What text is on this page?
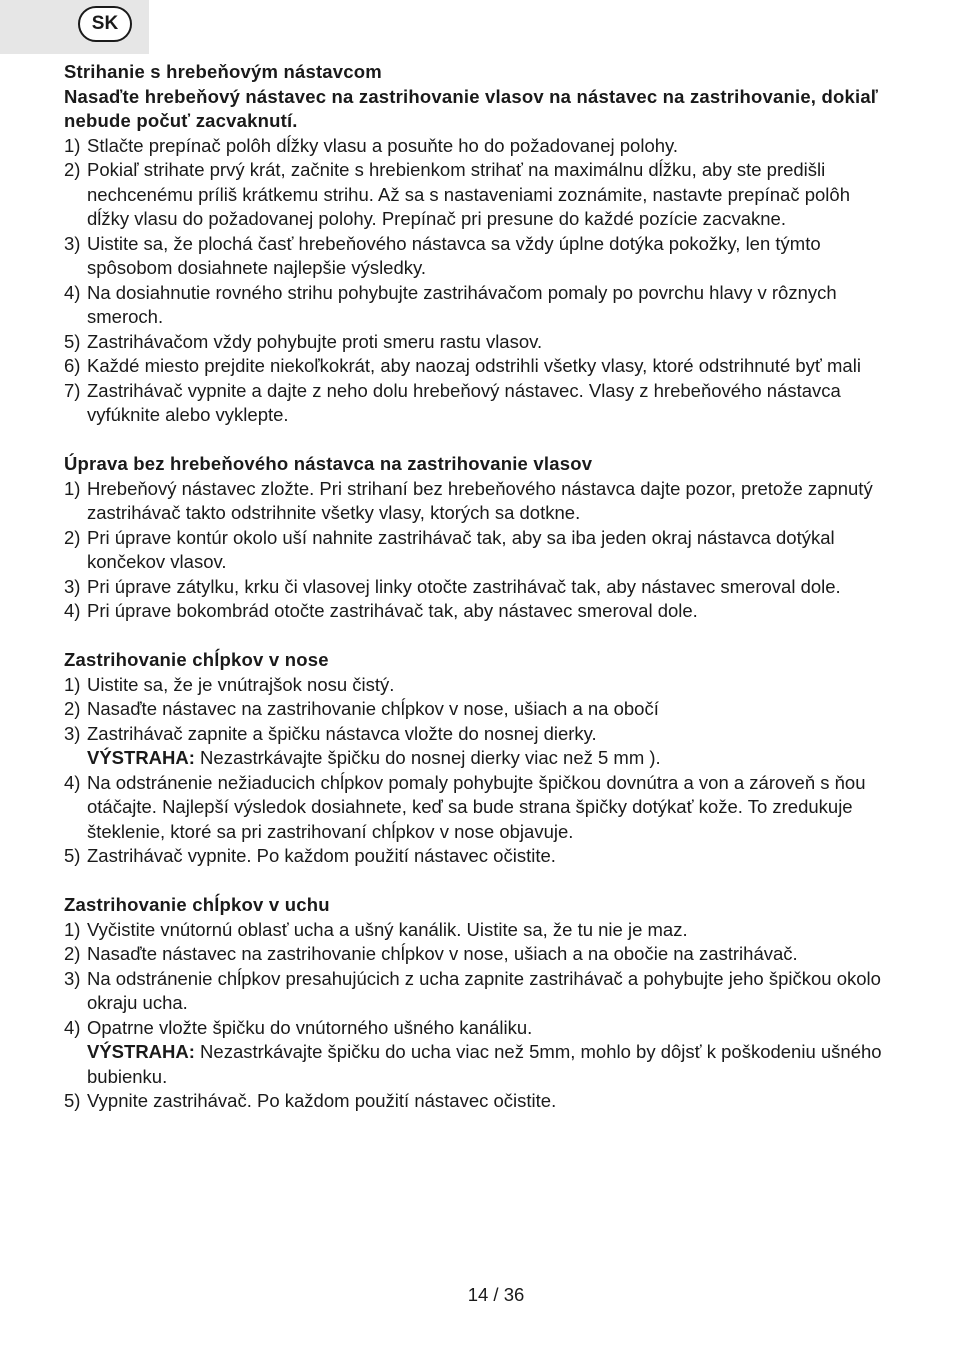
SK

Strihanie s hrebeňovým nástavcom

Nasaďte hrebeňový nástavec na zastrihovanie vlasov na nástavec na zastrihovanie, dokiaľ nebude počuť zacvaknutí.

1) Stlačte prepínač polôh dĺžky vlasu a posuňte ho do požadovanej polohy.
2) Pokiaľ strihate prvý krát, začnite s hrebienkom strihať na maximálnu dĺžku, aby ste predišli nechcenému príliš krátkemu strihu. Až sa s nastaveniami zoznámite, nastavte prepínač polôh dĺžky vlasu do požadovanej polohy. Prepínač pri presune do každé pozície zacvakne.
3) Uistite sa, že plochá časť hrebeňového nástavca sa vždy úplne dotýka pokožky, len týmto spôsobom dosiahnete najlepšie výsledky.
4) Na dosiahnutie rovného strihu pohybujte zastrihávačom pomaly po povrchu hlavy v rôznych smeroch.
5) Zastrihávačom vždy pohybujte proti smeru rastu vlasov.
6) Každé miesto prejdite niekoľkokrát, aby naozaj odstrihli všetky vlasy, ktoré odstrihnuté byť mali
7) Zastrihávač vypnite a dajte z neho dolu hrebeňový nástavec. Vlasy z hrebeňového nástavca vyfúknite alebo vyklepte.

Úprava bez hrebeňového nástavca na zastrihovanie vlasov

1) Hrebeňový nástavec zložte. Pri strihaní bez hrebeňového nástavca dajte pozor, pretože zapnutý zastrihávač takto odstrihnite všetky vlasy, ktorých sa dotkne.
2) Pri úprave kontúr okolo uší nahnite zastrihávač tak, aby sa iba jeden okraj nástavca dotýkal končekov vlasov.
3) Pri úprave zátylku, krku či vlasovej linky otočte zastrihávač tak, aby nástavec smeroval dole.
4) Pri úprave bokombrád otočte zastrihávač tak, aby nástavec smeroval dole.

Zastrihovanie chĺpkov v nose

1) Uistite sa, že je vnútrajšok nosu čistý.
2) Nasaďte nástavec na zastrihovanie chĺpkov v nose, ušiach a na obočí
3) Zastrihávač zapnite a špičku nástavca vložte do nosnej dierky.
VÝSTRAHA: Nezastrkávajte špičku do nosnej dierky viac než 5 mm ).
4) Na odstránenie nežiaducich chĺpkov pomaly pohybujte špičkou dovnútra a von a zároveň s ňou otáčajte. Najlepší výsledok dosiahnete, keď sa bude strana špičky dotýkať kože. To zredukuje šteklenie, ktoré sa pri zastrihovaní chĺpkov v nose objavuje.
5) Zastrihávač vypnite. Po každom použití nástavec očistite.

Zastrihovanie chĺpkov v uchu

1) Vyčistite vnútornú oblasť ucha a ušný kanálik. Uistite sa, že tu nie je maz.
2) Nasaďte nástavec na zastrihovanie chĺpkov v nose, ušiach a na obočie na zastrihávač.
3) Na odstránenie chĺpkov presahujúcich z ucha zapnite zastrihávač a pohybujte jeho špičkou okolo okraju ucha.
4) Opatrne vložte špičku do vnútorného ušného kanáliku.
VÝSTRAHA: Nezastrkávajte špičku do ucha viac než 5mm, mohlo by dôjsť k poškodeniu ušného bubienku.
5) Vypnite zastrihávač. Po každom použití nástavec očistite.
14 / 36
